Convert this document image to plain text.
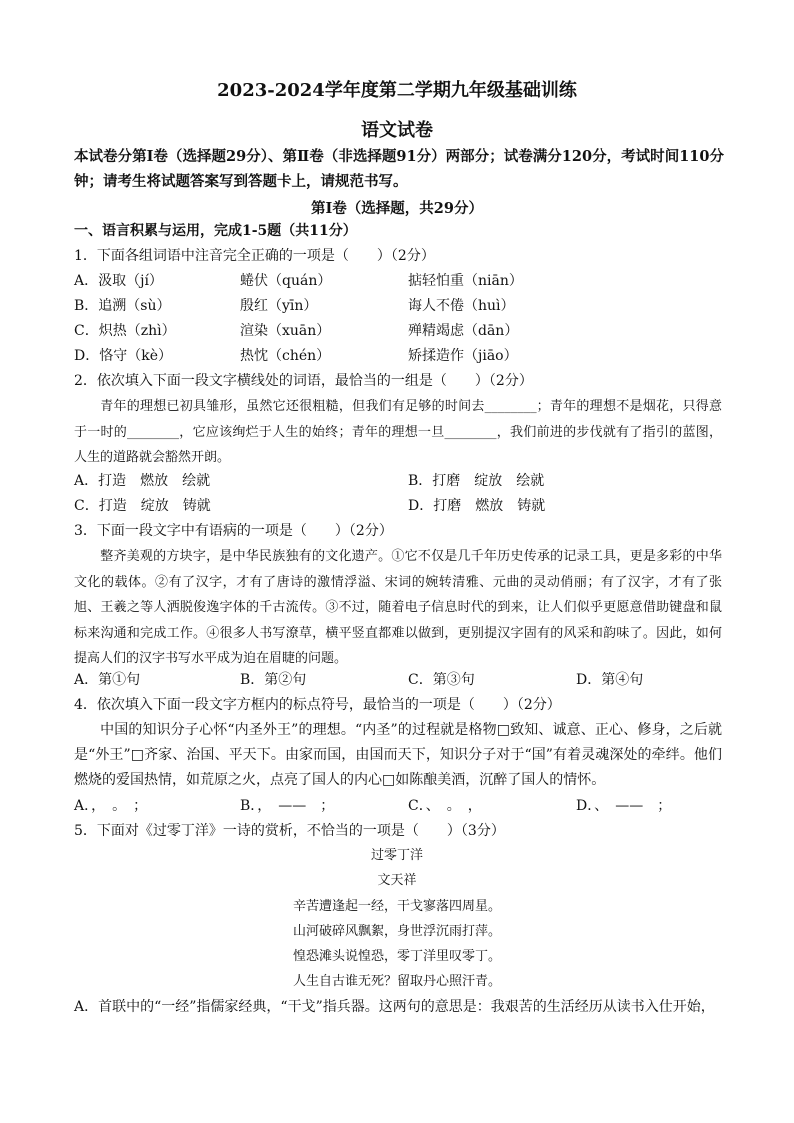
2023-2024学年度第二学期九年级基础训练
语文试卷
本试卷分第Ⅰ卷（选择题29分）、第Ⅱ卷（非选择题91分）两部分；试卷满分120分，考试时间110分钟；请考生将试题答案写到答题卡上，请规范书写。
第Ⅰ卷（选择题，共29分）
一、语言积累与运用，完成1-5题（共11分）
1．下面各组词语中注音完全正确的一项是（　　）（2分）
A．汲取（jí）	蜷伏（quán）	掂轻怕重（niān）
B．追溯（sù）	殷红（yīn）	诲人不倦（huì）
C．炽热（zhì）	渲染（xuān）	殚精竭虑（dān）
D．恪守（kè）	热忱（chén）	矫揉造作（jiāo）
2．依次填入下面一段文字横线处的词语，最恰当的一组是（　　）（2分）
青年的理想已初具雏形，虽然它还很粗糙，但我们有足够的时间去________；青年的理想不是烟花，只得意于一时的________，它应该绚烂于人生的始终；青年的理想一旦________，我们前进的步伐就有了指引的蓝图，人生的道路就会豁然开朗。
A．打造　燃放　绘就	B．打磨　绽放　绘就
C．打造　绽放　铸就	D．打磨　燃放　铸就
3．下面一段文字中有语病的一项是（　　）（2分）
整齐美观的方块字，是中华民族独有的文化遗产。①它不仅是几千年历史传承的记录工具，更是多彩的中华文化的载体。②有了汉字，才有了唐诗的激情浮溢、宋词的婉转清雅、元曲的灵动俏丽；有了汉字，才有了张旭、王羲之等人洒脱俊逸字体的千古流传。③不过，随着电子信息时代的到来，让人们似乎更愿意借助键盘和鼠标来沟通和完成工作。④很多人书写潦草，横平竖直都难以做到，更别提汉字固有的风采和韵味了。因此，如何提高人们的汉字书写水平成为迫在眉睫的问题。
A．第①句	B．第②句	C．第③句	D．第④句
4．依次填入下面一段文字方框内的标点符号，最恰当的一项是（　　）（2分）
中国的知识分子心怀“内圣外王”的理想。“内圣”的过程就是格物□致知、诚意、正心、修身，之后就是“外王”□齐家、治国、平天下。由家而国，由国而天下，知识分子对于“国”有着灵魂深处的牵绊。他们燃烧的爱国热情，如荒原之火，点亮了国人的内心□如陈酿美酒，沉醉了国人的情怀。
A．，　。　；	B．，　——　；	C．、　。　，	D．、　——　；
5．下面对《过零丁洋》一诗的赏析，不恰当的一项是（　　）（3分）
过零丁洋
文天祥
辛苦遭逢起一经，干戈寥落四周星。
山河破碎风飘絮，身世浮沉雨打萍。
惶恐滩头说惶恐，零丁洋里叹零丁。
人生自古谁无死？留取丹心照汗青。
A．首联中的“一经”指儒家经典，“干戈”指兵器。这两句的意思是：我艰苦的生活经历从读书入仕开始，
